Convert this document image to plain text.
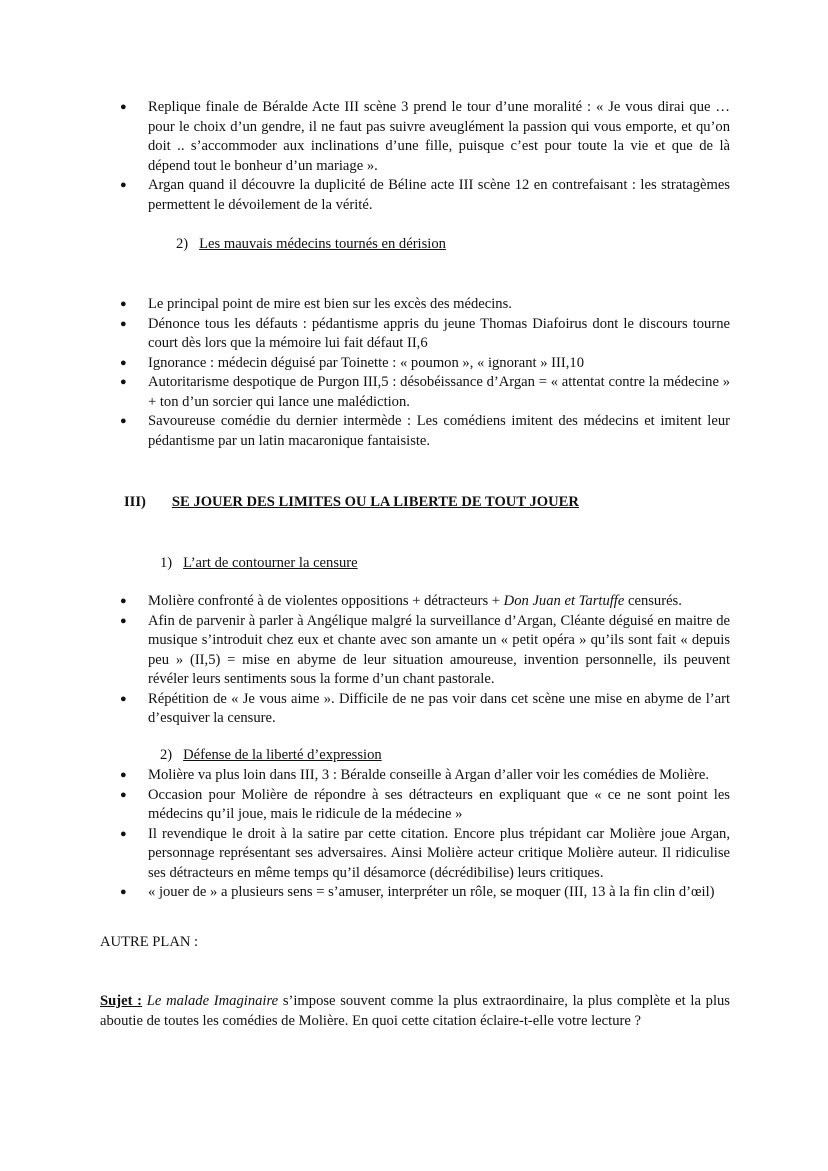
● Replique finale de Béralde Acte III scène 3 prend le tour d’une moralité : « Je vous dirai que … pour le choix d’un gendre, il ne faut pas suivre aveuglément la passion qui vous emporte, et qu’on doit .. s’accommoder aux inclinations d’une fille, puisque c’est pour toute la vie et que de là dépend tout le bonheur d’un mariage ».
● Argan quand il découvre la duplicité de Béline acte III scène 12 en contrefaisant : les stratagèmes permettent le dévoilement de la vérité.
2) Les mauvais médecins tournés en dérision
● Le principal point de mire est bien sur les excès des médecins.
● Dénonce tous les défauts : pédantisme appris du jeune Thomas Diafoirus dont le discours tourne court dès lors que la mémoire lui fait défaut II,6
● Ignorance : médecin déguisé par Toinette : « poumon », « ignorant » III,10
● Autoritarisme despotique de Purgon III,5 : désobéissance d’Argan = « attentat contre la médecine » + ton d’un sorcier qui lance une malédiction.
● Savoureuse comédie du dernier intermède : Les comédiens imitent des médecins et imitent leur pédantisme par un latin macaronique fantaisiste.
III) SE JOUER DES LIMITES OU LA LIBERTE DE TOUT JOUER
1) L’art de contourner la censure
● Molière confronté à de violentes oppositions + détracteurs + Don Juan et Tartuffe censurés.
● Afin de parvenir à parler à Angélique malgré la surveillance d’Argan, Cléante déguisé en maitre de musique s’introduit chez eux et chante avec son amante un « petit opéra » qu’ils sont fait « depuis peu » (II,5) = mise en abyme de leur situation amoureuse, invention personnelle, ils peuvent révéler leurs sentiments sous la forme d’un chant pastorale.
● Répétition de « Je vous aime ». Difficile de ne pas voir dans cet scène une mise en abyme de l’art d’esquiver la censure.
2) Défense de la liberté d’expression
● Molière va plus loin dans III, 3 : Béralde conseille à Argan d’aller voir les comédies de Molière.
● Occasion pour Molière de répondre à ses détracteurs en expliquant que « ce ne sont point les médecins qu’il joue, mais le ridicule de la médecine »
● Il revendique le droit à la satire par cette citation. Encore plus trépidant car Molière joue Argan, personnage représentant ses adversaires. Ainsi Molière acteur critique Molière auteur. Il ridiculise ses détracteurs en même temps qu’il désamorce (décrédibilise) leurs critiques.
● « jouer de » a plusieurs sens = s’amuser, interpréter un rôle, se moquer (III, 13 à la fin clin d’œil)
AUTRE PLAN :
Sujet : Le malade Imaginaire s’impose souvent comme la plus extraordinaire, la plus complète et la plus aboutie de toutes les comédies de Molière. En quoi cette citation éclaire-t-elle votre lecture ?
